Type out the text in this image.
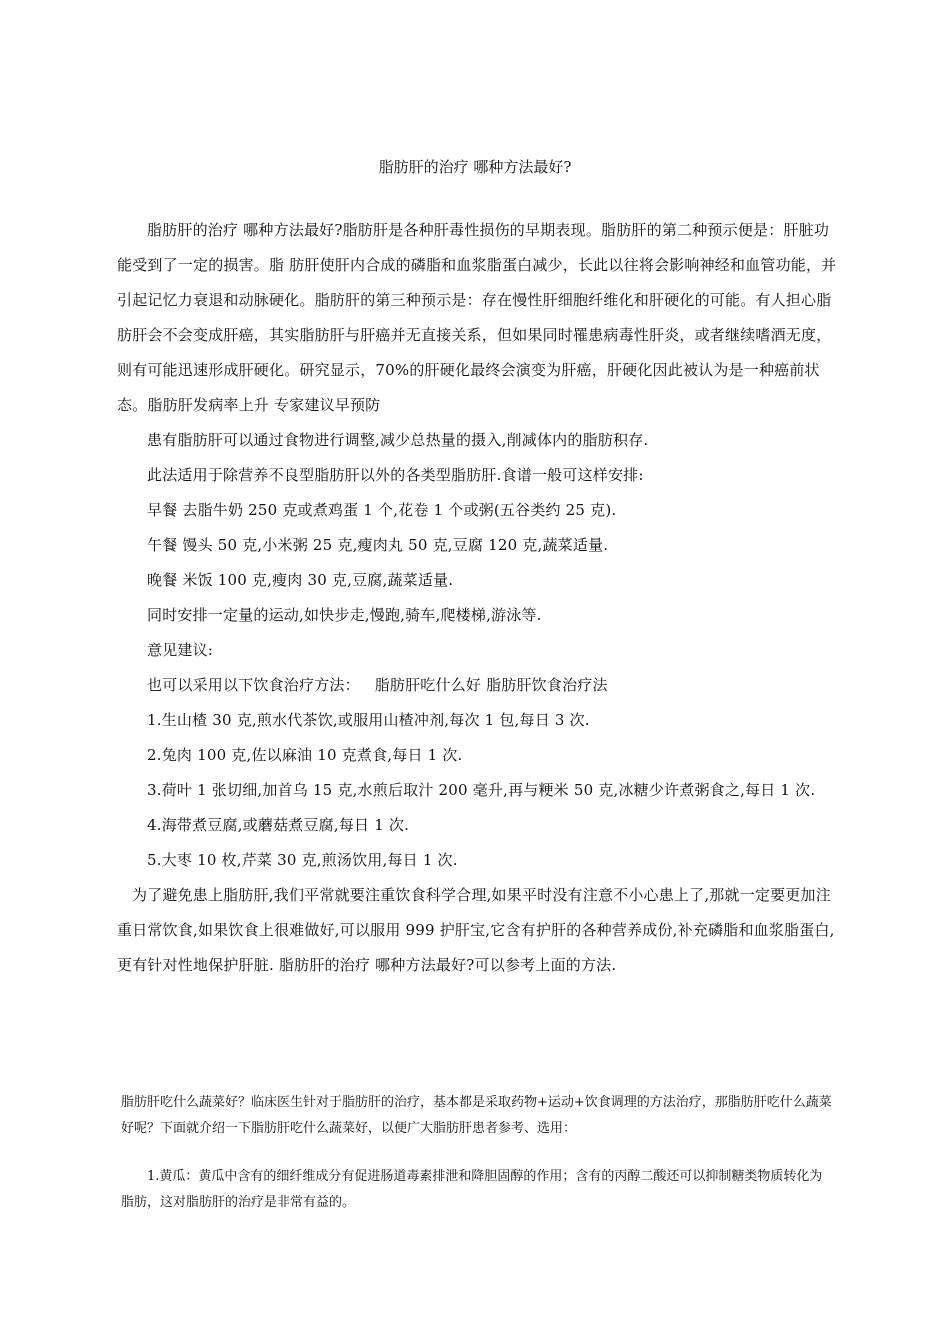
脂肪肝的治疗 哪种方法最好?

脂肪肝的治疗 哪种方法最好?脂肪肝是各种肝毒性损伤的早期表现。脂肪肝的第二种预示便是：肝脏功能受到了一定的损害。脂 肪肝使肝内合成的磷脂和血浆脂蛋白减少，长此以往将会影响神经和血管功能，并引起记忆力衰退和动脉硬化。脂肪肝的第三种预示是：存在慢性肝细胞纤维化和肝硬化的可能。有人担心脂肪肝会不会变成肝癌，其实脂肪肝与肝癌并无直接关系，但如果同时罹患病毒性肝炎，或者继续嗜酒无度，则有可能迅速形成肝硬化。研究显示，70%的肝硬化最终会演变为肝癌，肝硬化因此被认为是一种癌前状态。脂肪肝发病率上升 专家建议早预防

患有脂肪肝可以通过食物进行调整,减少总热量的摄入,削减体内的脂肪积存.

此法适用于除营养不良型脂肪肝以外的各类型脂肪肝.食谱一般可这样安排:

早餐 去脂牛奶 250 克或煮鸡蛋 1 个,花卷 1 个或粥(五谷类约 25 克).

午餐 馒头 50 克,小米粥 25 克,瘦肉丸 50 克,豆腐 120 克,蔬菜适量.

晚餐 米饭 100 克,瘦肉 30 克,豆腐,蔬菜适量.

同时安排一定量的运动,如快步走,慢跑,骑车,爬楼梯,游泳等.

意见建议:

也可以采用以下饮食治疗方法：   脂肪肝吃什么好 脂肪肝饮食治疗法

1.生山楂 30 克,煎水代茶饮,或服用山楂冲剂,每次 1 包,每日 3 次.

2.兔肉 100 克,佐以麻油 10 克煮食,每日 1 次.

3.荷叶 1 张切细,加首乌 15 克,水煎后取汁 200 毫升,再与粳米 50 克,冰糖少许煮粥食之,每日 1 次.

4.海带煮豆腐,或蘑菇煮豆腐,每日 1 次.

5.大枣 10 枚,芹菜 30 克,煎汤饮用,每日 1 次.

为了避免患上脂肪肝,我们平常就要注重饮食科学合理,如果平时没有注意不小心患上了,那就一定要更加注重日常饮食,如果饮食上很难做好,可以服用 999 护肝宝,它含有护肝的各种营养成份,补充磷脂和血浆脂蛋白,更有针对性地保护肝脏. 脂肪肝的治疗 哪种方法最好?可以参考上面的方法.

脂肪肝吃什么蔬菜好？临床医生针对于脂肪肝的治疗，基本都是采取药物+运动+饮食调理的方法治疗，那脂肪肝吃什么蔬菜好呢？下面就介绍一下脂肪肝吃什么蔬菜好，以便广大脂肪肝患者参考、选用：

1.黄瓜：黄瓜中含有的细纤维成分有促进肠道毒素排泄和降胆固醇的作用；含有的丙醇二酸还可以抑制糖类物质转化为脂肪，这对脂肪肝的治疗是非常有益的。
